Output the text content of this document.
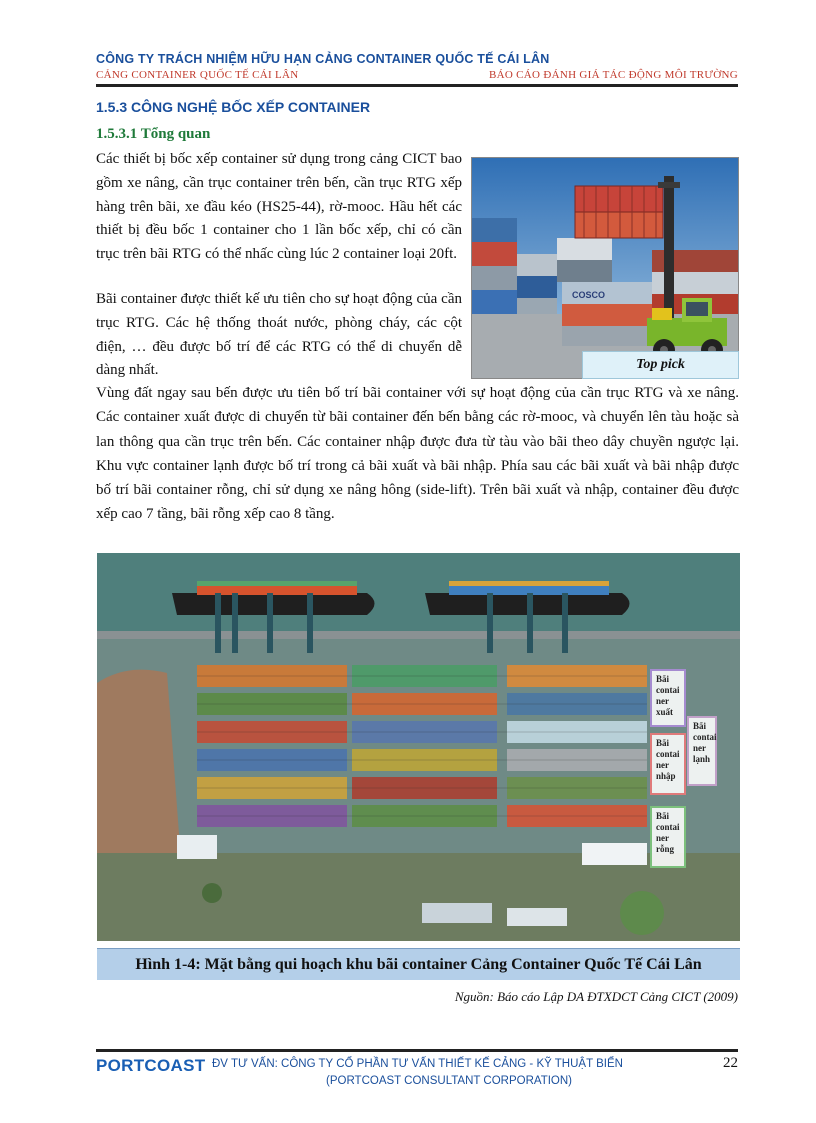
CÔNG TY TRÁCH NHIỆM HỮU HẠN CẢNG CONTAINER QUỐC TẾ CÁI LÂN
CẢNG CONTAINER QUỐC TẾ CÁI LÂN	BÁO CÁO ĐÁNH GIÁ TÁC ĐỘNG MÔI TRƯỜNG
1.5.3 CÔNG NGHỆ BỐC XẾP CONTAINER
1.5.3.1 Tổng quan

Các thiết bị bốc xếp container sử dụng trong cảng CICT bao gồm xe nâng, cần trục container trên bến, cần trục RTG xếp hàng trên bãi, xe đầu kéo (HS25-44), rờ-mooc. Hầu hết các thiết bị đều bốc 1 container cho 1 lần bốc xếp, chỉ có cần trục trên bãi RTG có thể nhấc cùng lúc 2 container loại 20ft.

Bãi container được thiết kế ưu tiên cho sự hoạt động của cần trục RTG. Các hệ thống thoát nước, phòng cháy, các cột điện, … đều được bố trí để các RTG có thể di chuyển dễ dàng nhất.

Vùng đất ngay sau bến được ưu tiên bố trí bãi container với sự hoạt động của cần trục RTG và xe nâng. Các container xuất được di chuyển từ bãi container đến bến bằng các rờ-mooc, và chuyển lên tàu hoặc sà lan thông qua cần trục trên bến. Các container nhập được đưa từ tàu vào bãi theo dây chuyền ngược lại. Khu vực container lạnh được bố trí trong cả bãi xuất và bãi nhập. Phía sau các bãi xuất và bãi nhập được bố trí bãi container rỗng, chỉ sử dụng xe nâng hông (side-lift). Trên bãi xuất và nhập, container đều được xếp cao 7 tầng, bãi rỗng xếp cao 8 tầng.

COSCO
Top pick
Bãi contai ner xuất
Bãi contai ner nhập
Bãi contai ner rỗng
Bãi contai ner lạnh
Hình 1-4: Mặt bằng qui hoạch khu bãi container Cảng Container Quốc Tế Cái Lân
Nguồn: Báo cáo Lập DA ĐTXDCT Cảng CICT (2009)
PORTCOAST ĐV TƯ VẤN: CÔNG TY CỔ PHẦN TƯ VẤN THIẾT KẾ CẢNG - KỸ THUẬT BIỂN
(PORTCOAST CONSULTANT CORPORATION)
22
